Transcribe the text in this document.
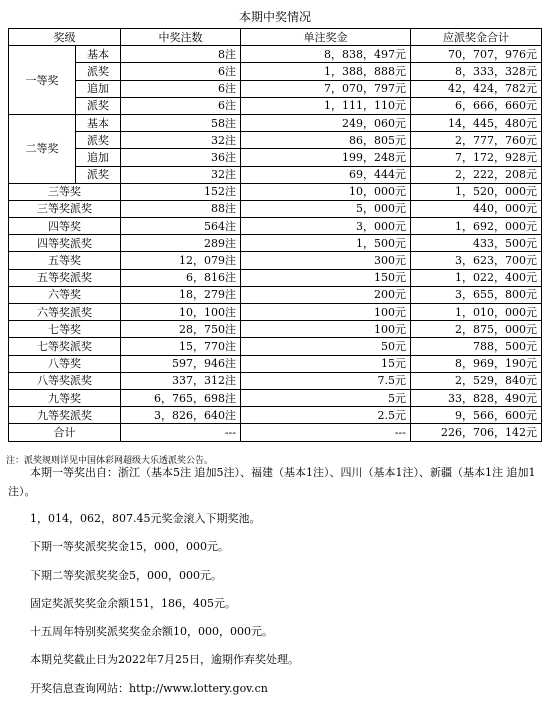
本期中奖情况
奖级		中奖注数	单注奖金	应派奖金合计
一等奖	基本	8注	8，838，497元	70，707，976元
	派奖	6注	1，388，888元	8，333，328元
	追加	6注	7，070，797元	42，424，782元
	派奖	6注	1，111，110元	6，666，660元
二等奖	基本	58注	249，060元	14，445，480元
	派奖	32注	86，805元	2，777，760元
	追加	36注	199，248元	7，172，928元
	派奖	32注	69，444元	2，222，208元
三等奖		152注	10，000元	1，520，000元
三等奖派奖		88注	5，000元	440，000元
四等奖		564注	3，000元	1，692，000元
四等奖派奖		289注	1，500元	433，500元
五等奖		12，079注	300元	3，623，700元
五等奖派奖		6，816注	150元	1，022，400元
六等奖		18，279注	200元	3，655，800元
六等奖派奖		10，100注	100元	1，010，000元
七等奖		28，750注	100元	2，875，000元
七等奖派奖		15，770注	50元	788，500元
八等奖		597，946注	15元	8，969，190元
八等奖派奖		337，312注	7.5元	2，529，840元
九等奖		6，765，698注	5元	33，828，490元
九等奖派奖		3，826，640注	2.5元	9，566，600元
合计		---	---	226，706，142元
注：派奖规则详见中国体彩网超级大乐透派奖公告。
本期一等奖出自：浙江（基本5注 追加5注）、福建（基本1注）、四川（基本1注）、新疆（基本1注 追加1注）。
1，014，062，807.45元奖金滚入下期奖池。
下期一等奖派奖奖金15，000，000元。
下期二等奖派奖奖金5，000，000元。
固定奖派奖奖金余额151，186，405元。
十五周年特别奖派奖奖金余额10，000，000元。
本期兑奖截止日为2022年7月25日，逾期作弃奖处理。
开奖信息查询网站：http://www.lottery.gov.cn
